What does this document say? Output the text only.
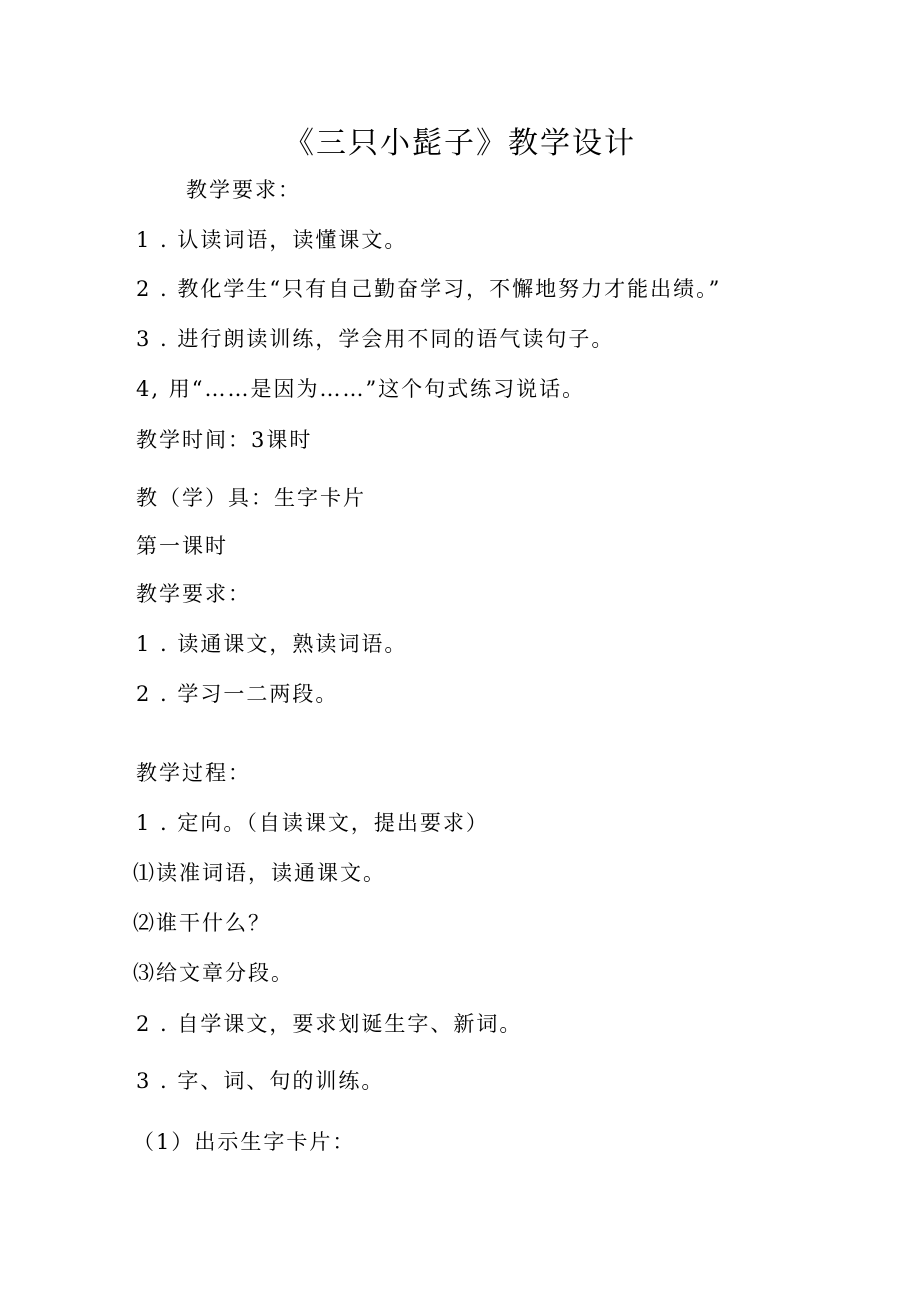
《三只小髭子》教学设计
教学要求：
1 . 认读词语，读懂课文。
2 . 教化学生“只有自己勤奋学习，不懈地努力才能出绩。”
3 . 进行朗读训练，学会用不同的语气读句子。
4, 用“……是因为……”这个句式练习说话。
教学时间：3课时
教（学）具：生字卡片
第一课时
教学要求：
1 . 读通课文，熟读词语。
2 . 学习一二两段。
教学过程：
1 . 定向。（自读课文，提出要求）
⑴读准词语，读通课文。
⑵谁干什么？
⑶给文章分段。
2 . 自学课文，要求划诞生字、新词。
3 . 字、词、句的训练。
（1）出示生字卡片：
